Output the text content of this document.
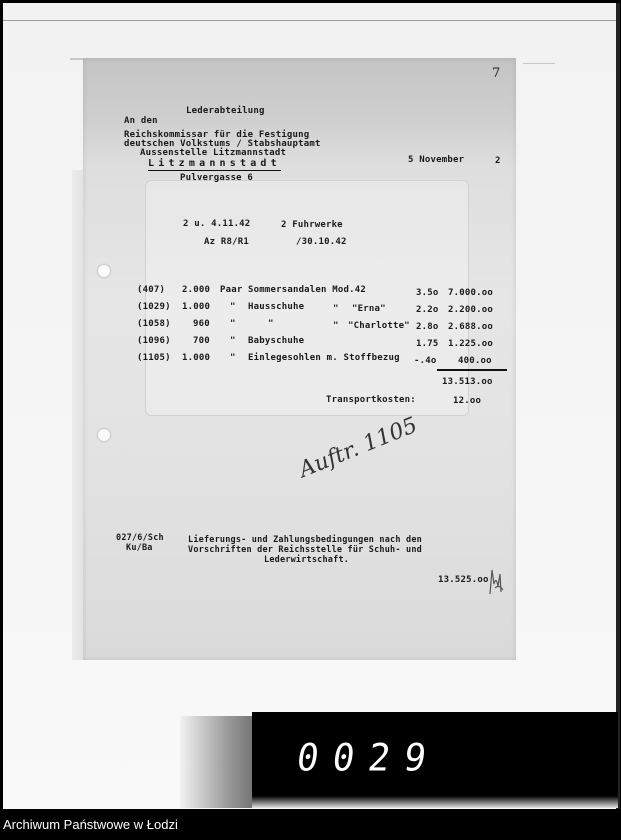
7
Lederabteilung
An den
Reichskommissar für die Festigung
deutschen Volkstums / Stabshauptamt
Aussenstelle Litzmannstadt
Litzmannstadt
Pulvergasse 6
5 November	2
2 u. 4.11.42	2 Fuhrwerke
Az R8/R1	/30.10.42
(407) 2.000 Paar Sommersandalen Mod.42	3.5o 7.000.oo
(1029) 1.000 " Hausschuhe	" "Erna"	2.2o 2.200.oo
(1058) 960 "	"	" "Charlotte" 2.8o 2.688.oo
(1096) 700 " Babyschuhe	1.75 1.225.oo
(1105) 1.000 " Einlegesohlen m. Stoffbezug -.4o 400.oo
13.513.oo
Transportkosten:	12.oo
Auftr. 1105
027/6/Sch
Ku/Ba
Lieferungs- und Zahlungsbedingungen nach den
Vorschriften der Reichsstelle für Schuh- und
Lederwirtschaft.
13.525.oo
0029
Archiwum Państwowe w Łodzi
